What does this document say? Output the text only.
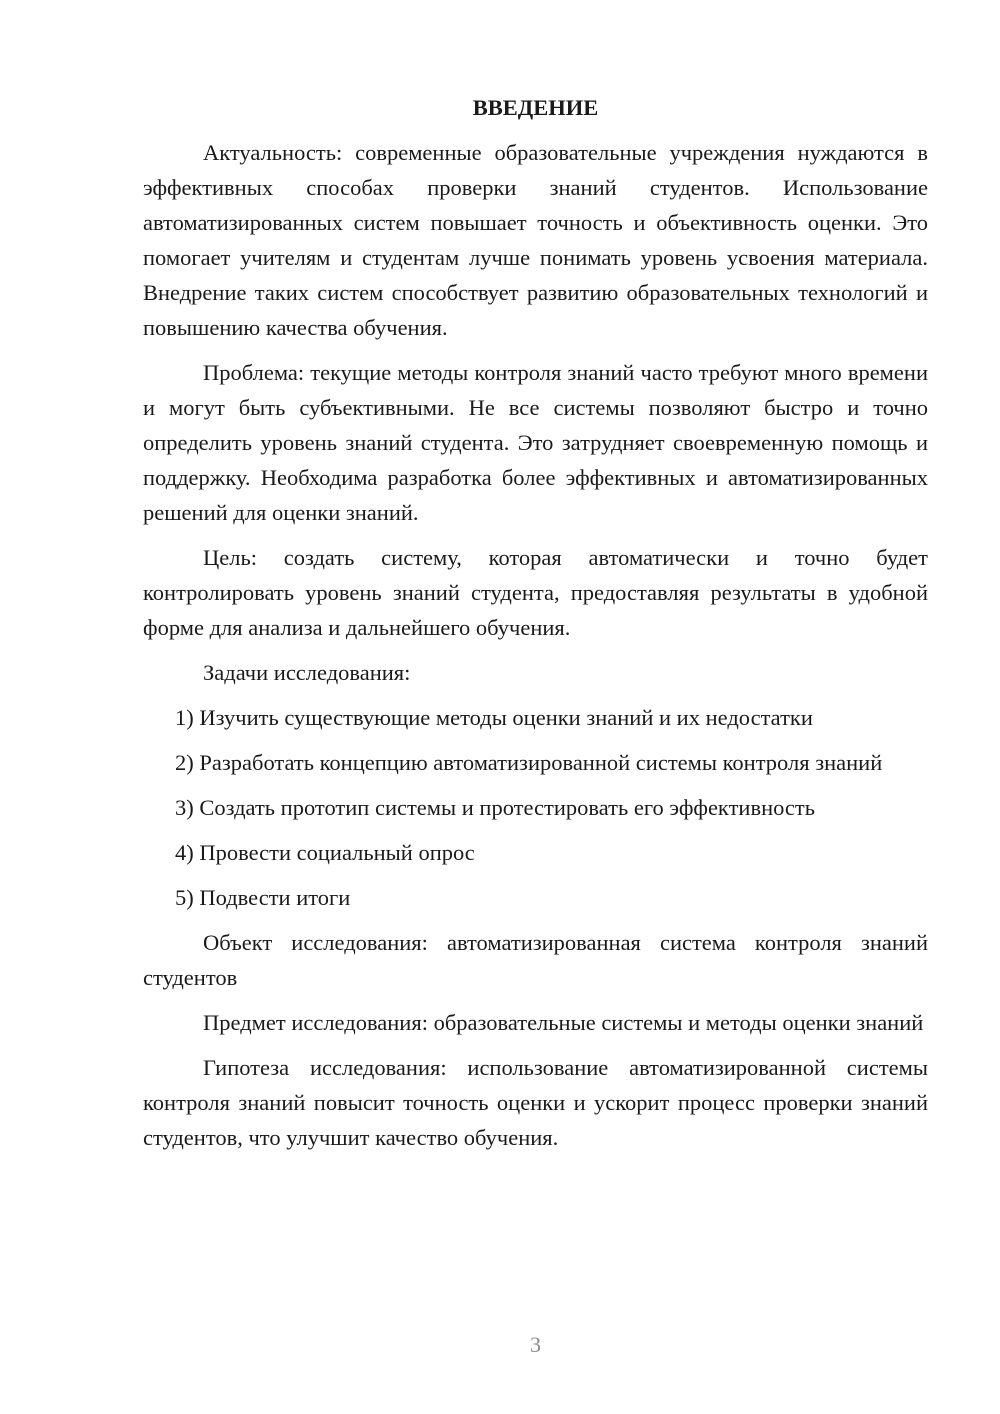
ВВЕДЕНИЕ

Актуальность: современные образовательные учреждения нуждаются в эффективных способах проверки знаний студентов. Использование автоматизированных систем повышает точность и объективность оценки. Это помогает учителям и студентам лучше понимать уровень усвоения материала. Внедрение таких систем способствует развитию образовательных технологий и повышению качества обучения.

Проблема: текущие методы контроля знаний часто требуют много времени и могут быть субъективными. Не все системы позволяют быстро и точно определить уровень знаний студента. Это затрудняет своевременную помощь и поддержку. Необходима разработка более эффективных и автоматизированных решений для оценки знаний.

Цель: создать систему, которая автоматически и точно будет контролировать уровень знаний студента, предоставляя результаты в удобной форме для анализа и дальнейшего обучения.

Задачи исследования:

1) Изучить существующие методы оценки знаний и их недостатки

2) Разработать концепцию автоматизированной системы контроля знаний

3) Создать прототип системы и протестировать его эффективность

4) Провести социальный опрос

5) Подвести итоги

Объект исследования: автоматизированная система контроля знаний студентов

Предмет исследования: образовательные системы и методы оценки знаний

Гипотеза исследования: использование автоматизированной системы контроля знаний повысит точность оценки и ускорит процесс проверки знаний студентов, что улучшит качество обучения.

3
